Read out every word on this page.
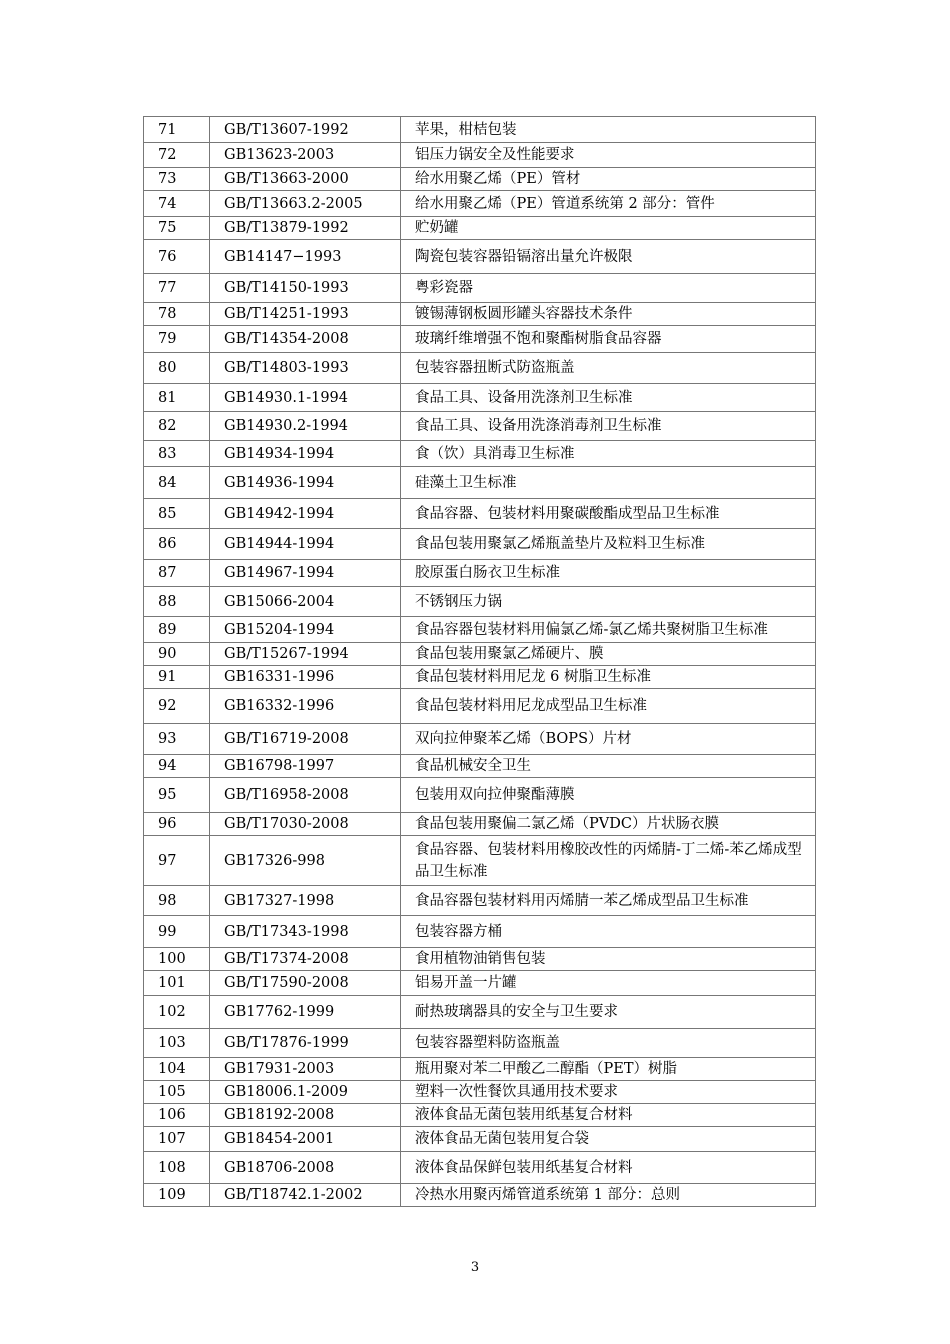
71	GB/T13607-1992	苹果，柑桔包装
72	GB13623-2003	铝压力锅安全及性能要求
73	GB/T13663-2000	给水用聚乙烯（PE）管材
74	GB/T13663.2-2005	给水用聚乙烯（PE）管道系统第 2 部分：管件
75	GB/T13879-1992	贮奶罐
76	GB14147−1993	陶瓷包装容器铅镉溶出量允许极限
77	GB/T14150-1993	粤彩瓷器
78	GB/T14251-1993	镀锡薄钢板圆形罐头容器技术条件
79	GB/T14354-2008	玻璃纤维增强不饱和聚酯树脂食品容器
80	GB/T14803-1993	包装容器扭断式防盗瓶盖
81	GB14930.1-1994	食品工具、设备用洗涤剂卫生标准
82	GB14930.2-1994	食品工具、设备用洗涤消毒剂卫生标准
83	GB14934-1994	食（饮）具消毒卫生标准
84	GB14936-1994	硅藻土卫生标准
85	GB14942-1994	食品容器、包装材料用聚碳酸酯成型品卫生标准
86	GB14944-1994	食品包装用聚氯乙烯瓶盖垫片及粒料卫生标准
87	GB14967-1994	胶原蛋白肠衣卫生标准
88	GB15066-2004	不锈钢压力锅
89	GB15204-1994	食品容器包装材料用偏氯乙烯-氯乙烯共聚树脂卫生标准
90	GB/T15267-1994	食品包装用聚氯乙烯硬片、膜
91	GB16331-1996	食品包装材料用尼龙 6 树脂卫生标准
92	GB16332-1996	食品包装材料用尼龙成型品卫生标准
93	GB/T16719-2008	双向拉伸聚苯乙烯（BOPS）片材
94	GB16798-1997	食品机械安全卫生
95	GB/T16958-2008	包装用双向拉伸聚酯薄膜
96	GB/T17030-2008	食品包装用聚偏二氯乙烯（PVDC）片状肠衣膜
97	GB17326-998	食品容器、包装材料用橡胶改性的丙烯腈-丁二烯-苯乙烯成型品卫生标准
98	GB17327-1998	食品容器包装材料用丙烯腈一苯乙烯成型品卫生标准
99	GB/T17343-1998	包装容器方桶
100	GB/T17374-2008	食用植物油销售包装
101	GB/T17590-2008	铝易开盖一片罐
102	GB17762-1999	耐热玻璃器具的安全与卫生要求
103	GB/T17876-1999	包装容器塑料防盗瓶盖
104	GB17931-2003	瓶用聚对苯二甲酸乙二醇酯（PET）树脂
105	GB18006.1-2009	塑料一次性餐饮具通用技术要求
106	GB18192-2008	液体食品无菌包装用纸基复合材料
107	GB18454-2001	液体食品无菌包装用复合袋
108	GB18706-2008	液体食品保鲜包装用纸基复合材料
109	GB/T18742.1-2002	冷热水用聚丙烯管道系统第 1 部分：总则
3
